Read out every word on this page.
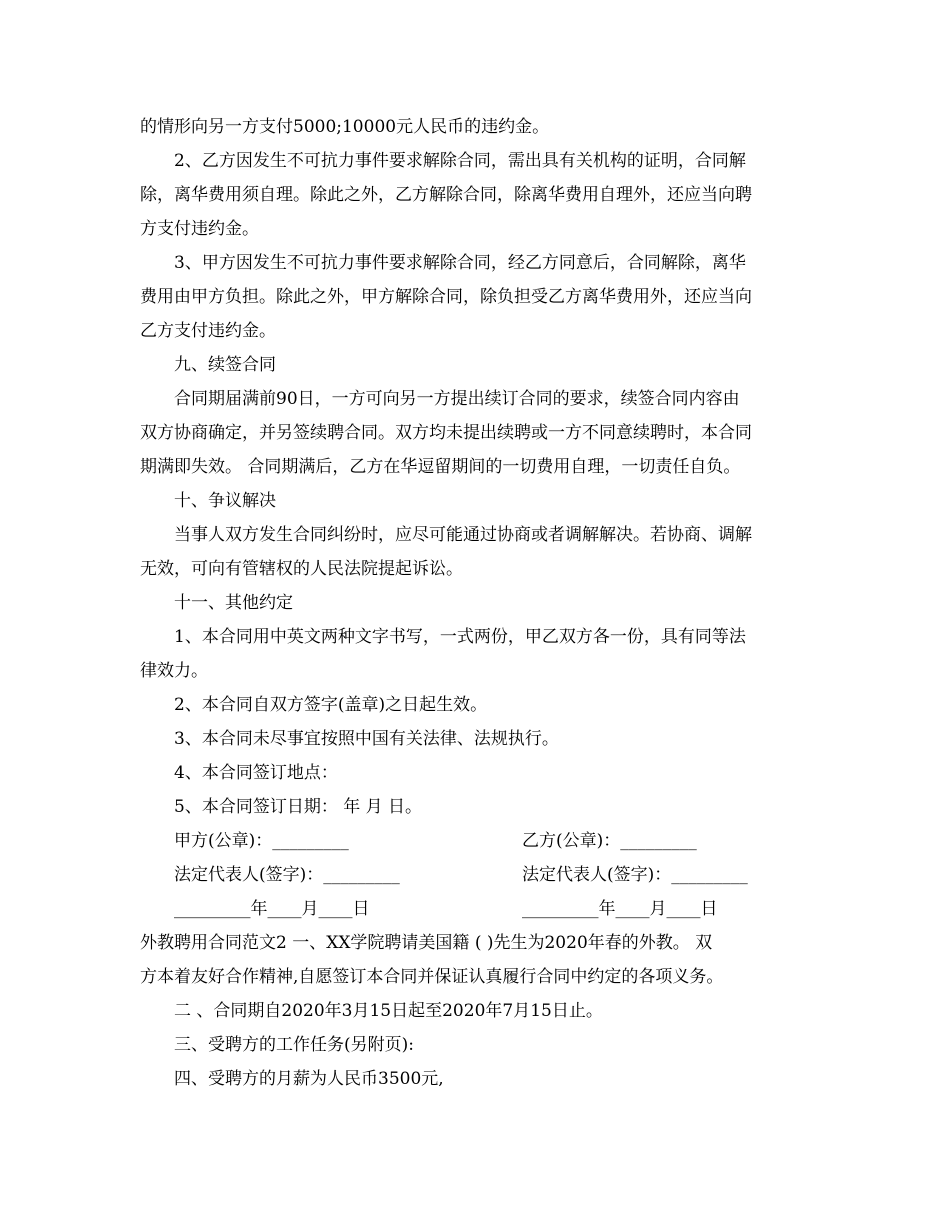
的情形向另一方支付5000;10000元人民币的违约金。
2、乙方因发生不可抗力事件要求解除合同，需出具有关机构的证明，合同解
除，离华费用须自理。除此之外，乙方解除合同，除离华费用自理外，还应当向聘
方支付违约金。
3、甲方因发生不可抗力事件要求解除合同，经乙方同意后，合同解除，离华
费用由甲方负担。除此之外，甲方解除合同，除负担受乙方离华费用外，还应当向
乙方支付违约金。
九、续签合同
合同期届满前90日，一方可向另一方提出续订合同的要求，续签合同内容由
双方协商确定，并另签续聘合同。双方均未提出续聘或一方不同意续聘时，本合同
期满即失效。 合同期满后，乙方在华逗留期间的一切费用自理，一切责任自负。
十、争议解决
当事人双方发生合同纠纷时，应尽可能通过协商或者调解解决。若协商、调解
无效，可向有管辖权的人民法院提起诉讼。
十一、其他约定
1、本合同用中英文两种文字书写，一式两份，甲乙双方各一份，具有同等法
律效力。
2、本合同自双方签字(盖章)之日起生效。
3、本合同未尽事宜按照中国有关法律、法规执行。
4、本合同签订地点：
5、本合同签订日期： 年 月 日。
甲方(公章)：_________	乙方(公章)：_________
法定代表人(签字)：_________	法定代表人(签字)：_________
_________年____月____日	_________年____月____日
外教聘用合同范文2 一、XX学院聘请美国籍 ( )先生为2020年春的外教。 双
方本着友好合作精神,自愿签订本合同并保证认真履行合同中约定的各项义务。
二 、合同期自2020年3月15日起至2020年7月15日止。
三、受聘方的工作任务(另附页):
四、受聘方的月薪为人民币3500元,
